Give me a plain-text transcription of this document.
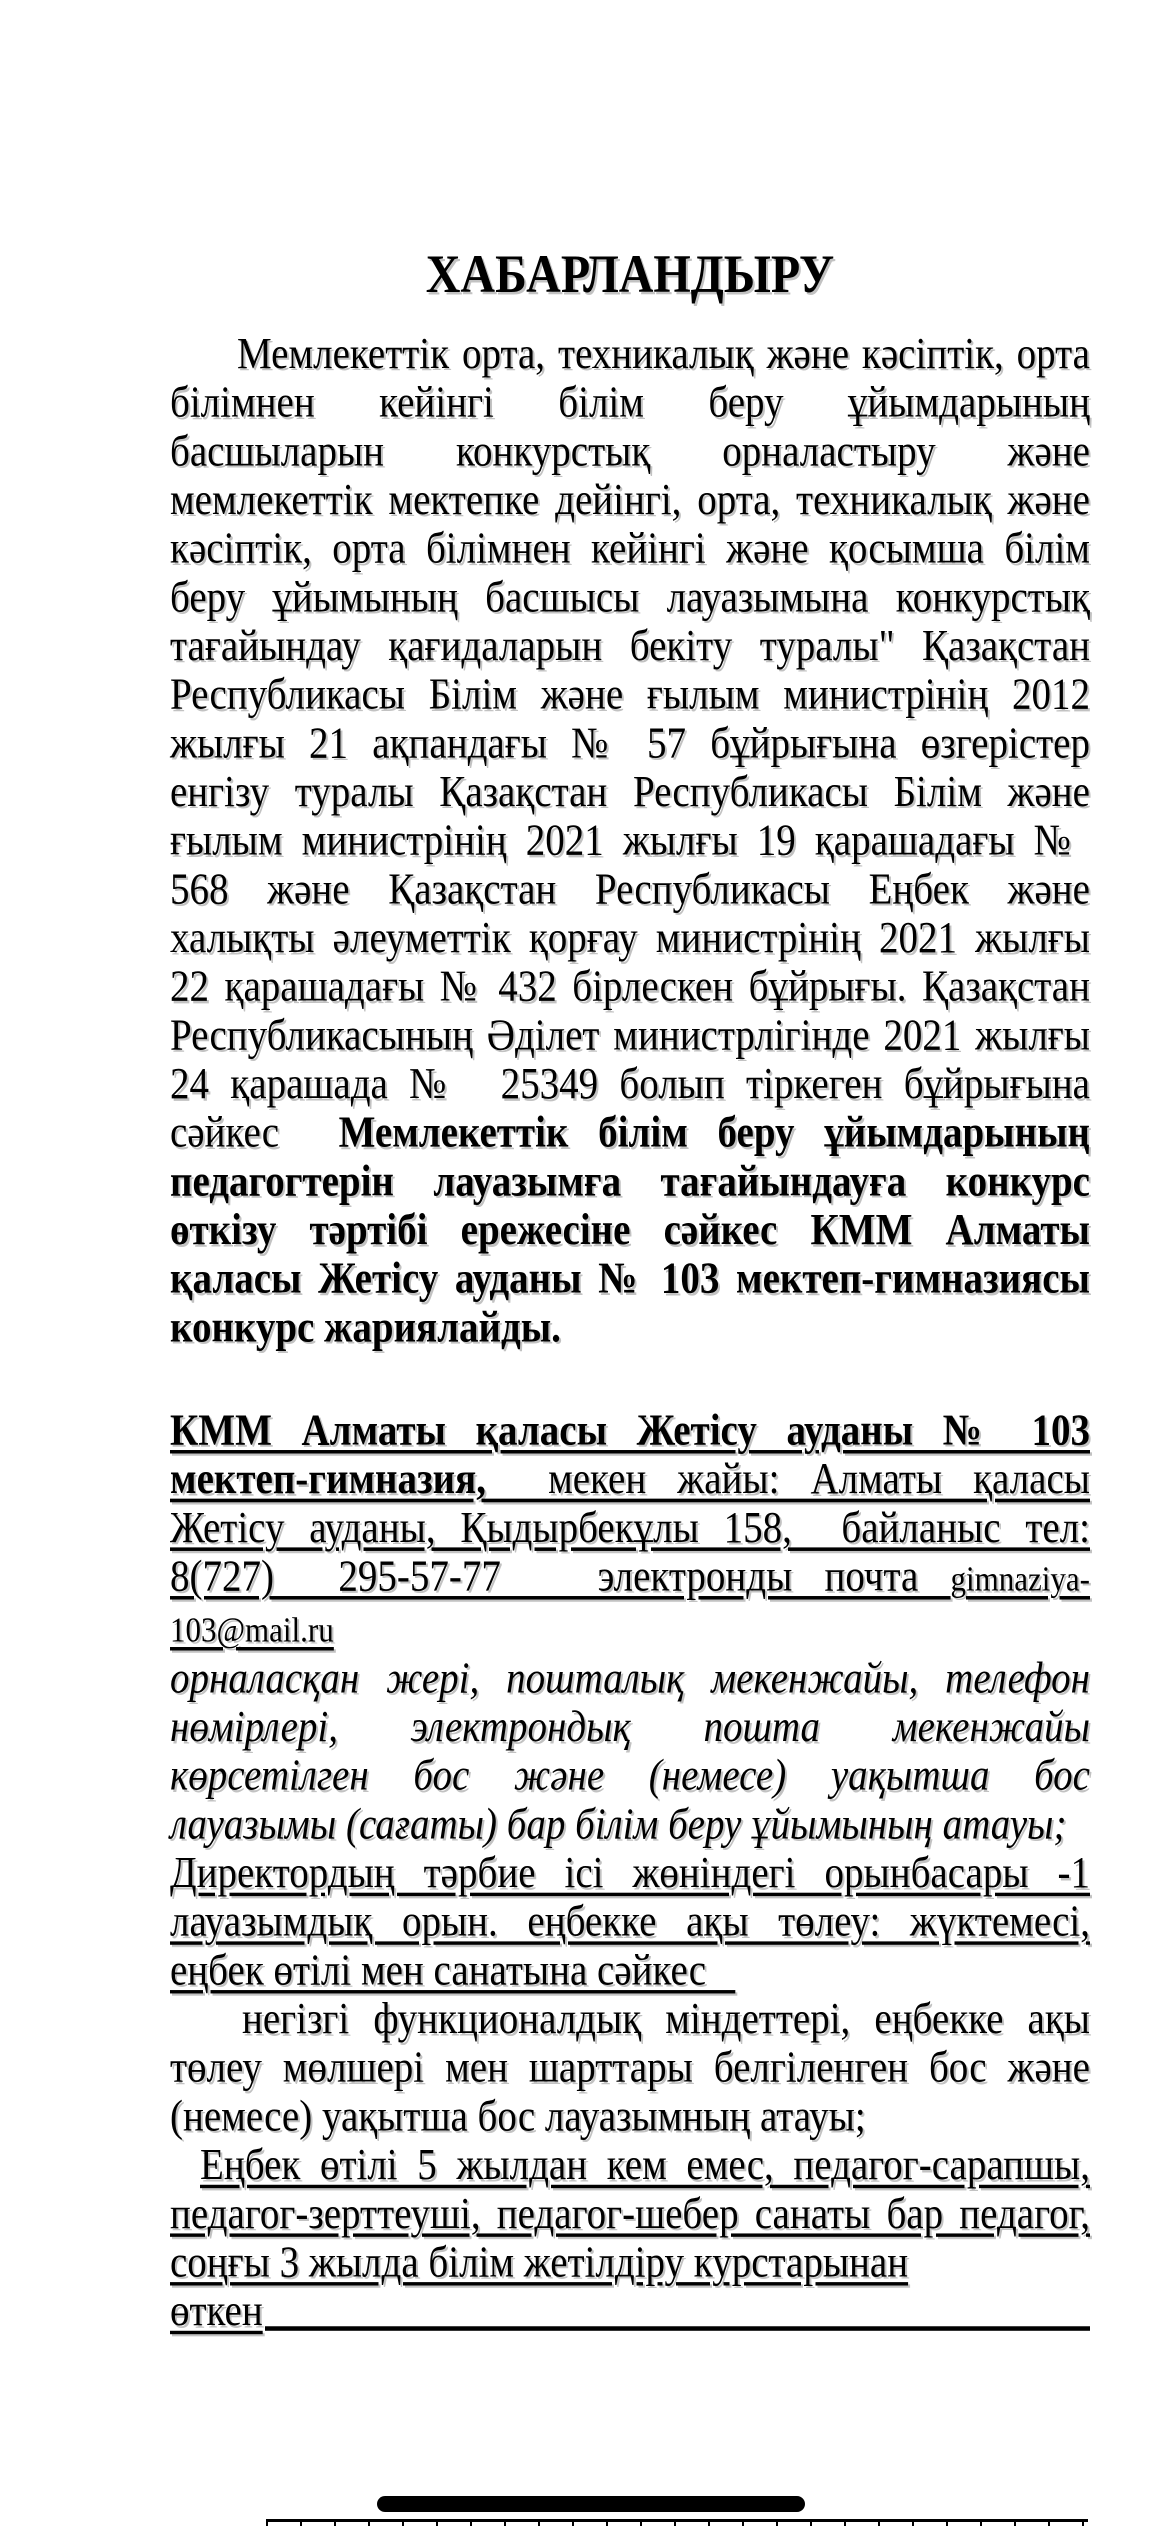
ХАБАРЛАНДЫРУ

Мемлекеттік орта, техникалық және кәсіптік, орта білімнен кейінгі білім беру ұйымдарының басшыларын конкурстық орналастыру және мемлекеттік мектепке дейінгі, орта, техникалық және кәсіптік, орта білімнен кейінгі және қосымша білім беру ұйымының басшысы лауазымына конкурстық тағайындау қағидаларын бекіту туралы" Қазақстан Республикасы Білім және ғылым министрінің 2012 жылғы 21 ақпандағы № 57 бұйрығына өзгерістер енгізу туралы Қазақстан Республикасы Білім және ғылым министрінің 2021 жылғы 19 қарашадағы №  568 және Қазақстан Республикасы Еңбек және халықты әлеуметтік қорғау министрінің 2021 жылғы 22 қарашадағы № 432 бірлескен бұйрығы. Қазақстан Республикасының Әділет министрлігінде 2021 жылғы 24 қарашада №  25349 болып тіркеген бұйрығына сәйкес  Мемлекеттік білім беру ұйымдарының педагогтерін лауазымға тағайындауға конкурс өткізу тәртібі ережесіне сәйкес КММ Алматы қаласы Жетісу ауданы № 103 мектеп-гимназиясы конкурс жариялайды.

КММ Алматы қаласы Жетісу ауданы № 103 мектеп-гимназия,  мекен жайы: Алматы қаласы Жетісу ауданы, Қыдырбекұлы 158,  байланыс тел: 8(727)  295-57-77   электронды почта gimnaziya-103@mail.ru

орналасқан жері, пошталық мекенжайы, телефон нөмірлері, электрондық пошта мекенжайы көрсетілген бос және (немесе) уақытша бос лауазымы (сағаты) бар білім беру ұйымының атауы;

Директордың тәрбие ісі жөніндегі орынбасары -1 лауазымдық орын. еңбекке ақы төлеу: жүктемесі, еңбек өтілі мен санатына сәйкес

негізгі функционалдық міндеттері, еңбекке ақы төлеу мөлшері мен шарттары белгіленген бос және (немесе) уақытша бос лауазымның атауы;

Еңбек өтілі 5 жылдан кем емес, педагог-сарапшы, педагог-зерттеуші, педагог-шебер санаты бар педагог, соңғы 3 жылда білім жетілдіру курстарынан

өткен
